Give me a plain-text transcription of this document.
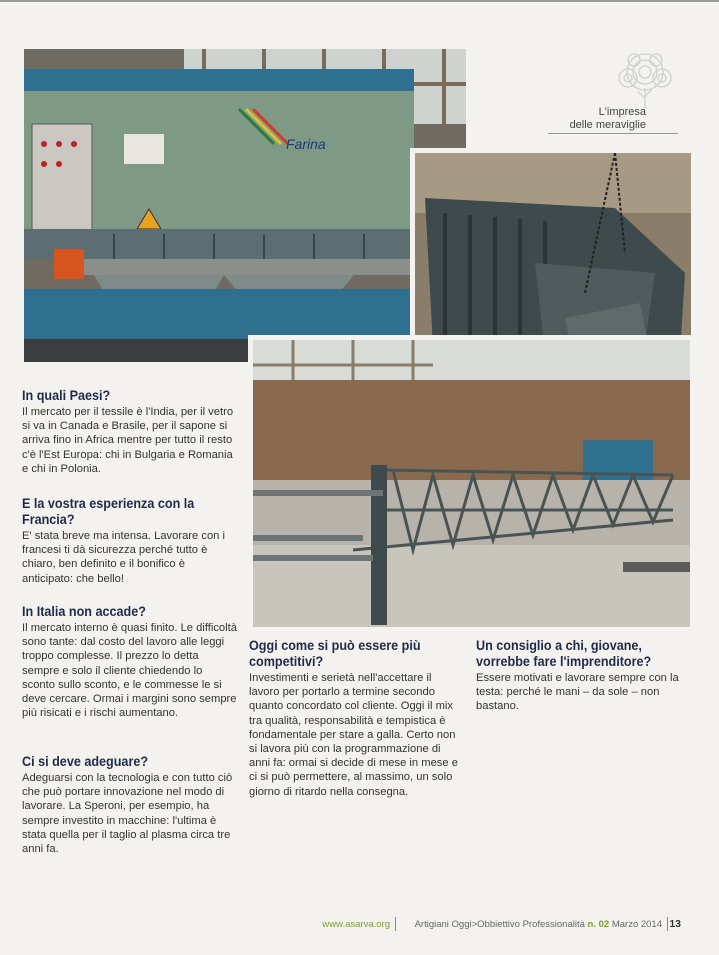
L'impresa
delle meraviglie
Farina
In quali Paesi?

Il mercato per il tessile è l'India, per il vetro si va in Canada e Brasile, per il sapone si arriva fino in Africa mentre per tutto il resto c'è l'Est Europa: chi in Bulgaria e Romania e chi in Polonia.

E la vostra esperienza con la Francia?

E' stata breve ma intensa. Lavorare con i francesi ti dà sicurezza perché tutto è chiaro, ben definito e il bonifico è anticipato: che bello!

In Italia non accade?

Il mercato interno è quasi finito. Le difficoltà sono tante: dal costo del lavoro alle leggi troppo complesse. Il prezzo lo detta sempre e solo il cliente chiedendo lo sconto sullo sconto, e le commesse le si deve cercare. Ormai i margini sono sempre più risicati e i rischi aumentano.

Ci si deve adeguare?

Adeguarsi con la tecnologia e con tutto ciò che può portare innovazione nel modo di lavorare. La Speroni, per esempio, ha sempre investito in macchine: l'ultima è stata quella per il taglio al plasma circa tre anni fa.

Oggi come si può essere più competitivi?

Investimenti e serietà nell'accettare il lavoro per portarlo a termine secondo quanto concordato col cliente. Oggi il mix tra qualità, responsabilità e tempistica è fondamentale per stare a galla. Certo non si lavora più con la programmazione di anni fa: ormai si decide di mese in mese e ci si può permettere, al massimo, un solo giorno di ritardo nella consegna.

Un consiglio a chi, giovane, vorrebbe fare l'imprenditore?

Essere motivati e lavorare sempre con la testa: perché le mani – da sole – non bastano.

www.asarva.org	Artigiani Oggi>Obbiettivo Professionalità n. 02 Marzo 2014 13
